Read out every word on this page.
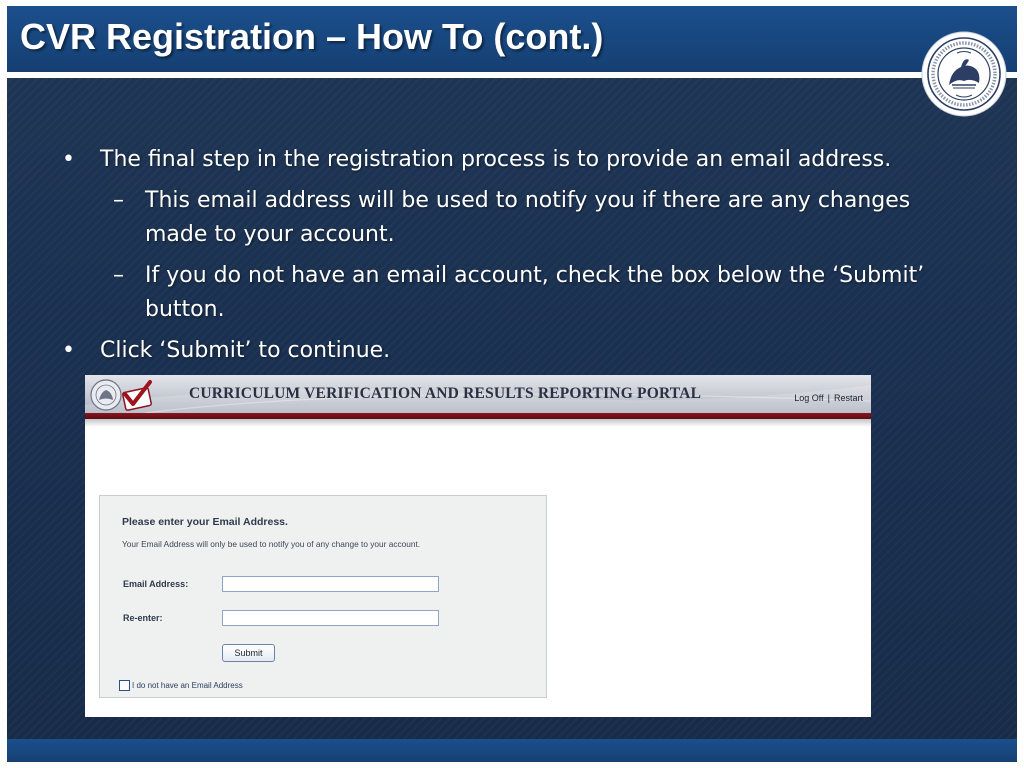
CVR Registration – How To (cont.)
• The final step in the registration process is to provide an email address.
– This email address will be used to notify you if there are any changes made to your account.
– If you do not have an email account, check the box below the ‘Submit’ button.
• Click ‘Submit’ to continue.
CURRICULUM VERIFICATION AND RESULTS REPORTING PORTAL	Log Off | Restart
Please enter your Email Address.
Your Email Address will only be used to notify you of any change to your account.
Email Address:
Re-enter:
Submit
I do not have an Email Address
